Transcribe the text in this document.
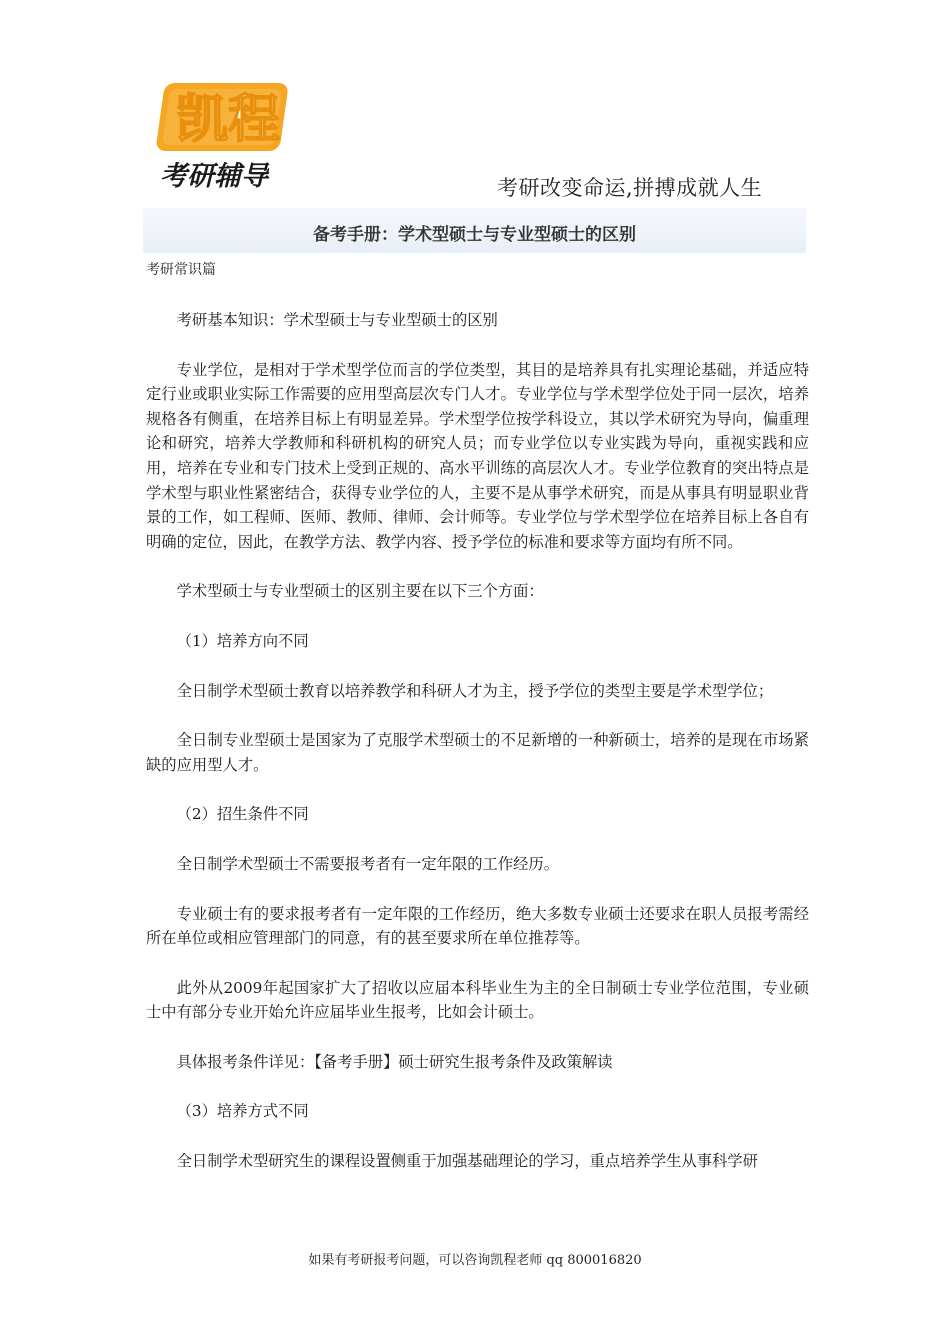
凯程
考研辅导	考研改变命运,拼搏成就人生
备考手册：学术型硕士与专业型硕士的区别
考研常识篇

考研基本知识：学术型硕士与专业型硕士的区别

专业学位，是相对于学术型学位而言的学位类型，其目的是培养具有扎实理论基础，并适应特定行业或职业实际工作需要的应用型高层次专门人才。专业学位与学术型学位处于同一层次，培养规格各有侧重，在培养目标上有明显差异。学术型学位按学科设立，其以学术研究为导向，偏重理论和研究，培养大学教师和科研机构的研究人员；而专业学位以专业实践为导向，重视实践和应用，培养在专业和专门技术上受到正规的、高水平训练的高层次人才。专业学位教育的突出特点是学术型与职业性紧密结合，获得专业学位的人，主要不是从事学术研究，而是从事具有明显职业背景的工作，如工程师、医师、教师、律师、会计师等。专业学位与学术型学位在培养目标上各自有明确的定位，因此，在教学方法、教学内容、授予学位的标准和要求等方面均有所不同。

学术型硕士与专业型硕士的区别主要在以下三个方面：

（1）培养方向不同

全日制学术型硕士教育以培养教学和科研人才为主，授予学位的类型主要是学术型学位；

全日制专业型硕士是国家为了克服学术型硕士的不足新增的一种新硕士，培养的是现在市场紧缺的应用型人才。

（2）招生条件不同

全日制学术型硕士不需要报考者有一定年限的工作经历。

专业硕士有的要求报考者有一定年限的工作经历，绝大多数专业硕士还要求在职人员报考需经所在单位或相应管理部门的同意，有的甚至要求所在单位推荐等。

此外从2009年起国家扩大了招收以应届本科毕业生为主的全日制硕士专业学位范围，专业硕士中有部分专业开始允许应届毕业生报考，比如会计硕士。

具体报考条件详见：【备考手册】硕士研究生报考条件及政策解读

（3）培养方式不同

全日制学术型研究生的课程设置侧重于加强基础理论的学习，重点培养学生从事科学研

如果有考研报考问题，可以咨询凯程老师 qq 800016820
